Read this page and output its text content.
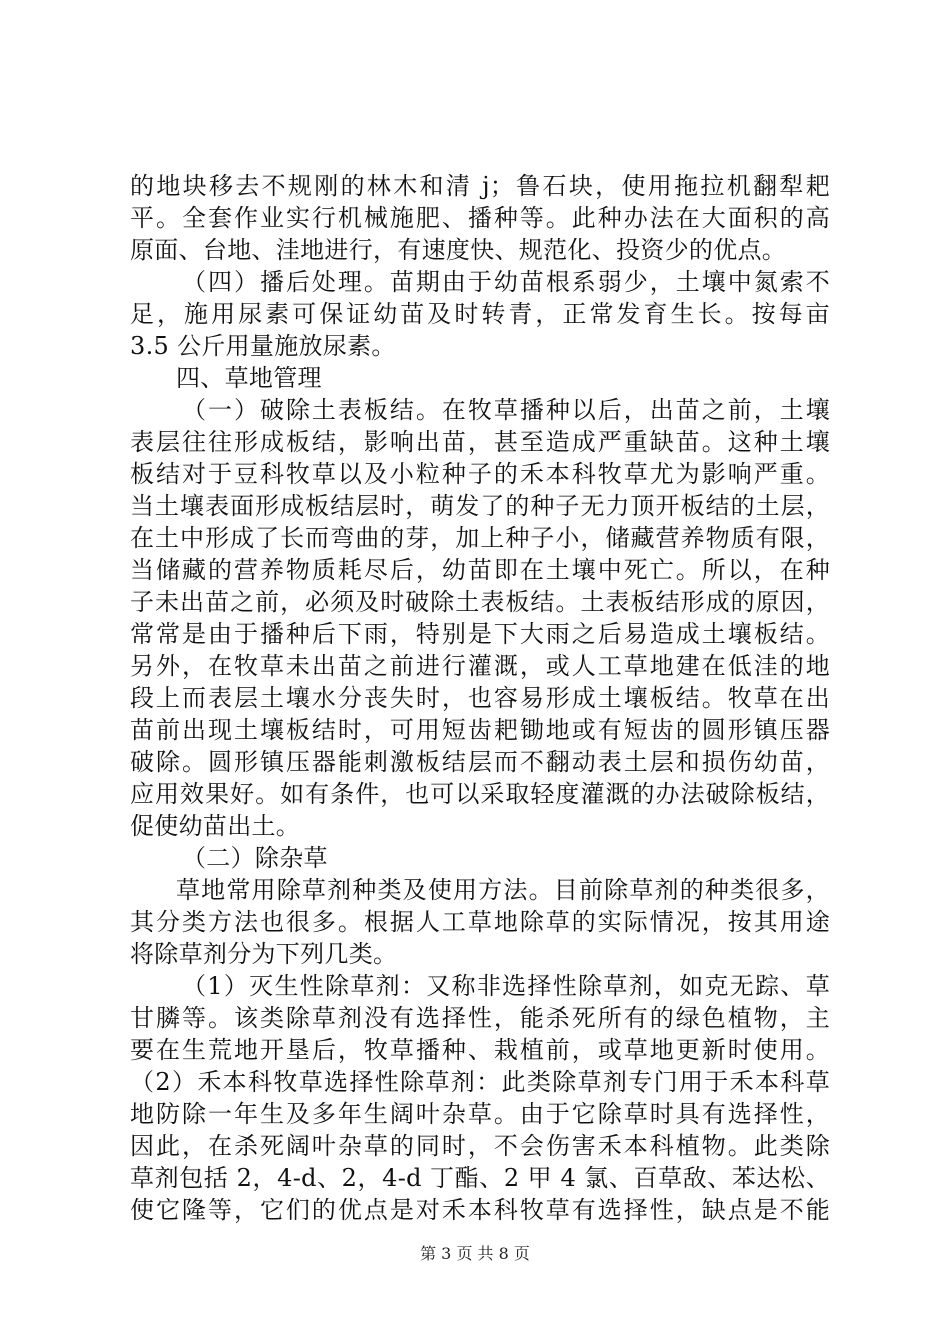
的地块移去不规刚的林木和清 j；鲁石块，使用拖拉机翻犁耙
平。全套作业实行机械施肥、播种等。此种办法在大面积的高
原面、台地、洼地进行，有速度快、规范化、投资少的优点。
（四）播后处理。苗期由于幼苗根系弱少，土壤中氮索不
足，施用尿素可保证幼苗及时转青，正常发育生长。按每亩
3.5 公斤用量施放尿素。
四、草地管理
（一）破除土表板结。在牧草播种以后，出苗之前，土壤
表层往往形成板结，影响出苗，甚至造成严重缺苗。这种土壤
板结对于豆科牧草以及小粒种子的禾本科牧草尤为影响严重。
当土壤表面形成板结层时，萌发了的种子无力顶开板结的土层，
在土中形成了长而弯曲的芽，加上种子小，储藏营养物质有限，
当储藏的营养物质耗尽后，幼苗即在土壤中死亡。所以，在种
子未出苗之前，必须及时破除土表板结。土表板结形成的原因，
常常是由于播种后下雨，特别是下大雨之后易造成土壤板结。
另外，在牧草未出苗之前进行灌溉，或人工草地建在低洼的地
段上而表层土壤水分丧失时，也容易形成土壤板结。牧草在出
苗前出现土壤板结时，可用短齿耙锄地或有短齿的圆形镇压器
破除。圆形镇压器能刺激板结层而不翻动表土层和损伤幼苗，
应用效果好。如有条件，也可以采取轻度灌溉的办法破除板结，
促使幼苗出土。
（二）除杂草
草地常用除草剂种类及使用方法。目前除草剂的种类很多，
其分类方法也很多。根据人工草地除草的实际情况，按其用途
将除草剂分为下列几类。
（1）灭生性除草剂：又称非选择性除草剂，如克无踪、草
甘膦等。该类除草剂没有选择性，能杀死所有的绿色植物，主
要在生荒地开垦后，牧草播种、栽植前，或草地更新时使用。
（2）禾本科牧草选择性除草剂：此类除草剂专门用于禾本科草
地防除一年生及多年生阔叶杂草。由于它除草时具有选择性，
因此，在杀死阔叶杂草的同时，不会伤害禾本科植物。此类除
草剂包括 2，4-d、2，4-d 丁酯、2 甲 4 氯、百草敌、苯达松、
使它隆等，它们的优点是对禾本科牧草有选择性，缺点是不能
第 3 页 共 8 页
